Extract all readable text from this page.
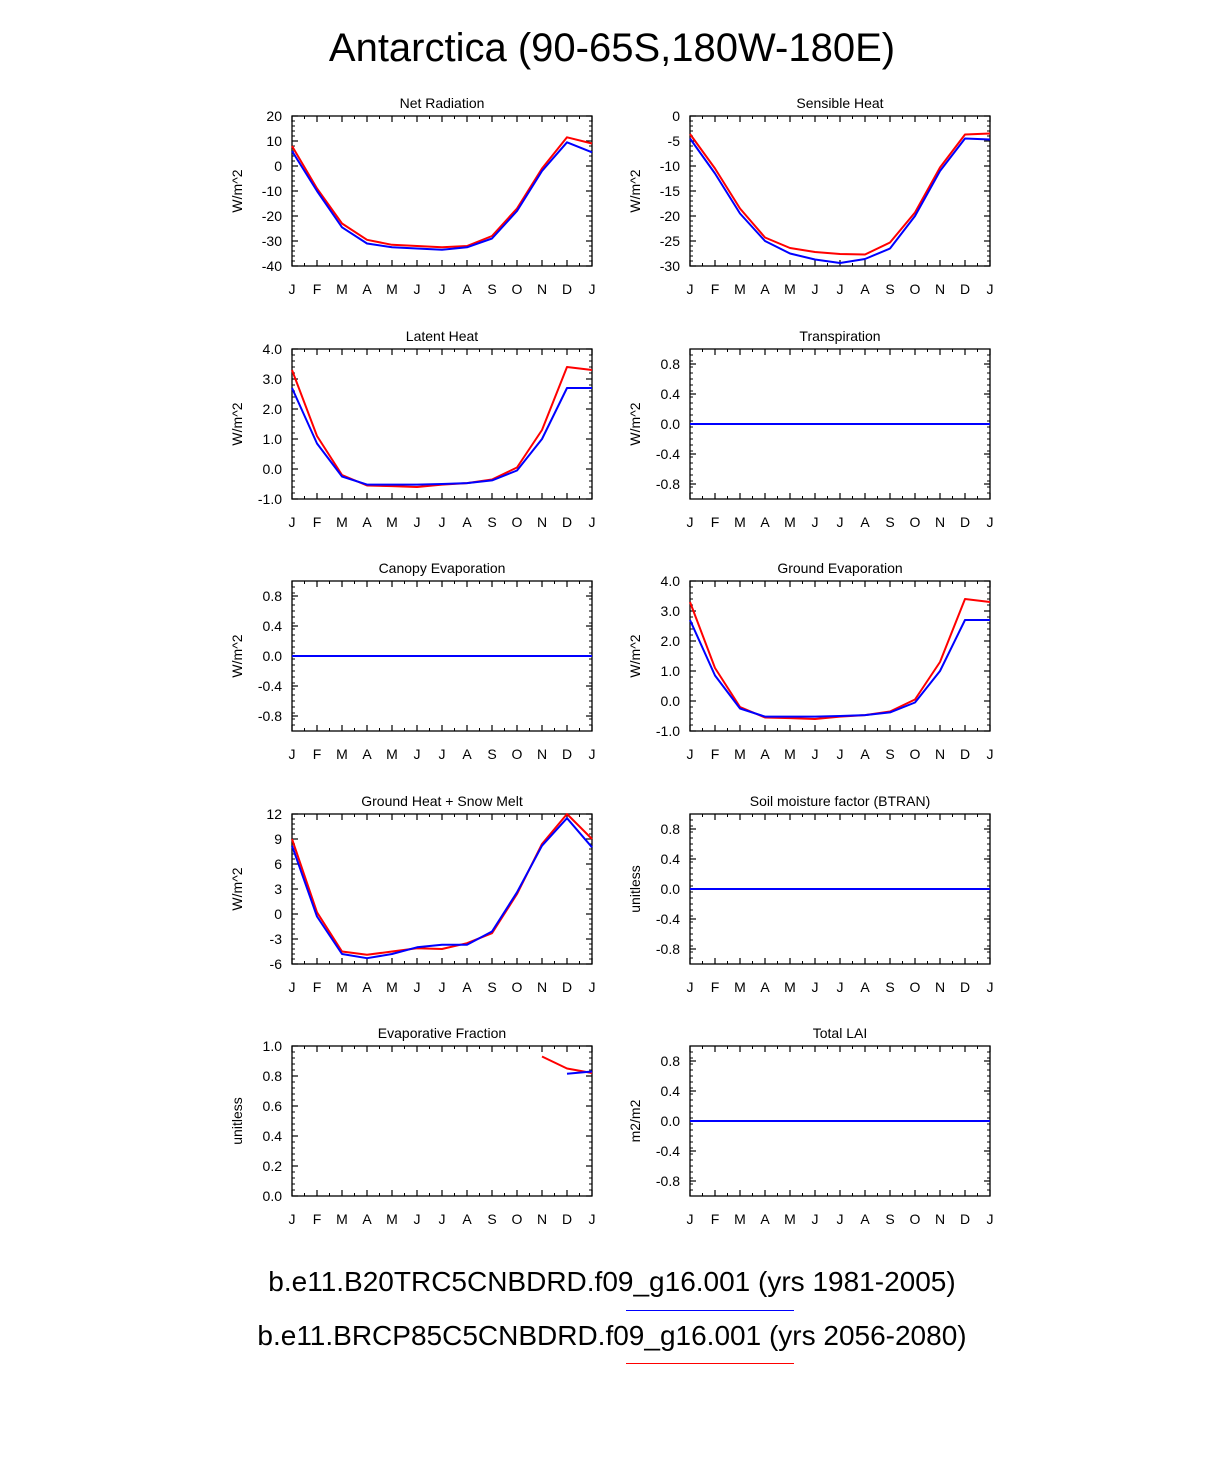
Antarctica (90-65S,180W-180E)
Net Radiation
J F M A M J J A S O N D J
-40
-30
-20
-10
0
10
20
W/m^2
Sensible Heat
J F M A M J J A S O N D J
-30
-25
-20
-15
-10
-5
0
W/m^2
Latent Heat
J F M A M J J A S O N D J
-1.0
0.0
1.0
2.0
3.0
4.0
W/m^2
Transpiration
J F M A M J J A S O N D J
-0.8
-0.4
0.0
0.4
0.8
W/m^2
Canopy Evaporation
J F M A M J J A S O N D J
-0.8
-0.4
0.0
0.4
0.8
W/m^2
Ground Evaporation
J F M A M J J A S O N D J
-1.0
0.0
1.0
2.0
3.0
4.0
W/m^2
Ground Heat + Snow Melt
J F M A M J J A S O N D J
-6
-3
0
3
6
9
12
W/m^2
Soil moisture factor (BTRAN)
J F M A M J J A S O N D J
-0.8
-0.4
0.0
0.4
0.8
unitless
Evaporative Fraction
J F M A M J J A S O N D J
0.0
0.2
0.4
0.6
0.8
1.0
unitless
Total LAI
J F M A M J J A S O N D J
-0.8
-0.4
0.0
0.4
0.8
m2/m2
b.e11.B20TRC5CNBDRD.f09_g16.001 (yrs 1981-2005)
b.e11.BRCP85C5CNBDRD.f09_g16.001 (yrs 2056-2080)
